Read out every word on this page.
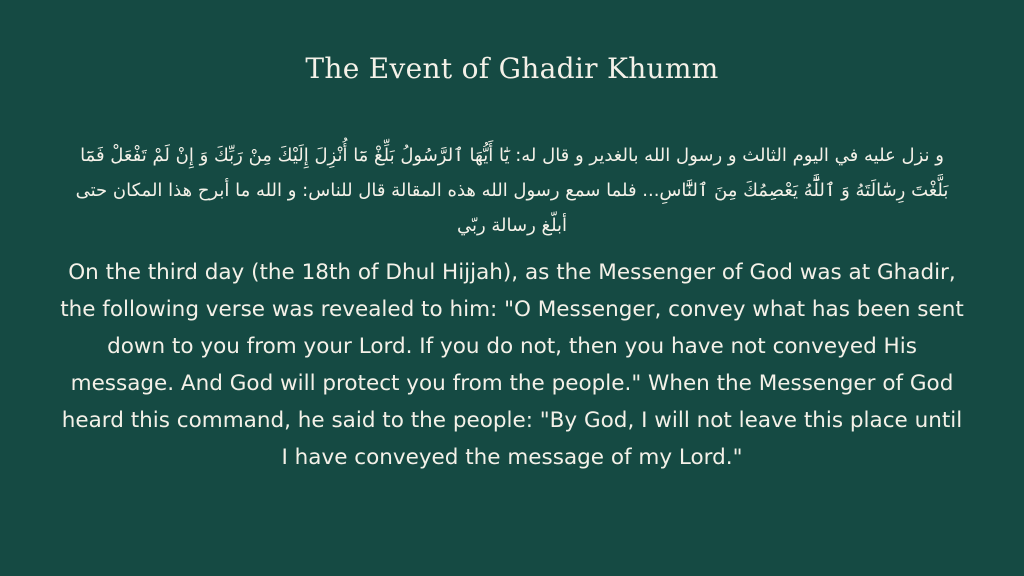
The Event of Ghadir Khumm
و نزل عليه في اليوم الثالث و رسول الله بالغدير و قال له: يَٰٓا أَيُّهَا ٱلرَّسُولُ بَلِّغْ مَٓا أُنْزِلَ إِلَيْكَ مِنْ رَبِّكَ وَ إِنْ لَمْ تَفْعَلْ فَمَٓا بَلَّغْتَ رِسَٰٓالَتَهُ وَ ٱللَّٰٓهُ يَعْصِمُكَ مِنَ ٱلنَّٰٓاسِ... فلما سمع رسول الله هذه المقالة قال للناس: و الله ما أبرح هذا المكان حتى أبلّغ رسالة ربّي
On the third day (the 18th of Dhul Hijjah), as the Messenger of God was at Ghadir, the following verse was revealed to him: "O Messenger, convey what has been sent down to you from your Lord. If you do not, then you have not conveyed His message. And God will protect you from the people." When the Messenger of God heard this command, he said to the people: "By God, I will not leave this place until I have conveyed the message of my Lord."
